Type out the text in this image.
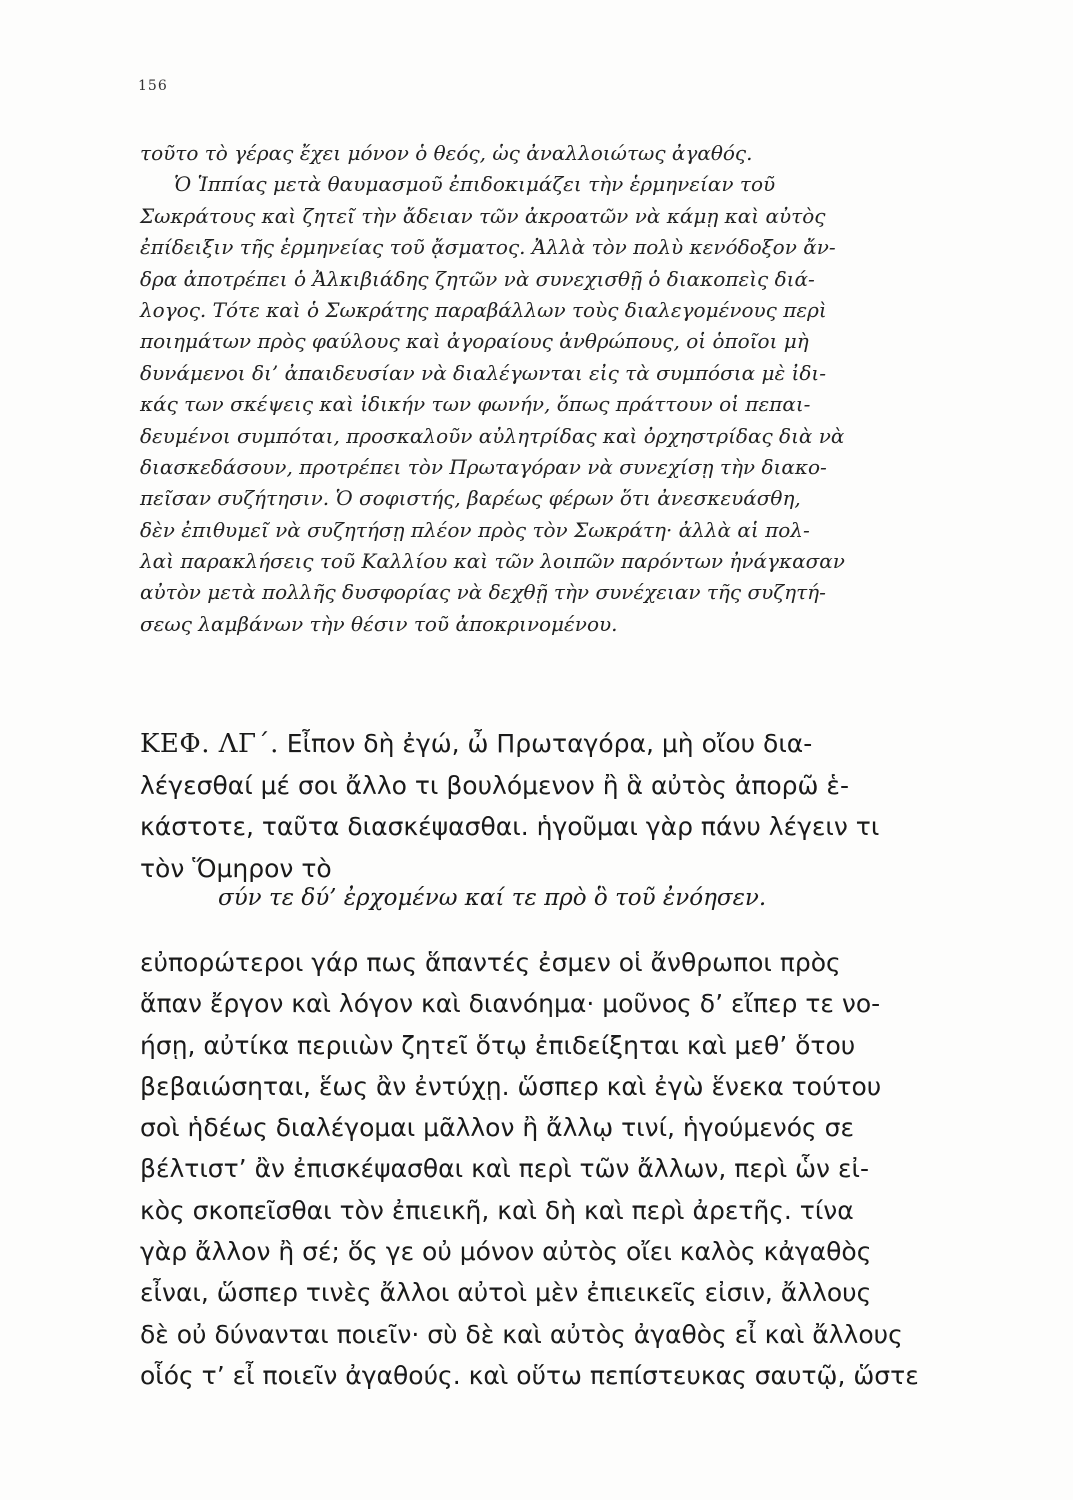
156
τοῦτο τὸ γέρας ἔχει μόνον ὁ θεός, ὡς ἀναλλοιώτως ἀγαθός.
Ὁ Ἱππίας μετὰ θαυμασμοῦ ἐπιδοκιμάζει τὴν ἑρμηνείαν τοῦ
Σωκράτους καὶ ζητεῖ τὴν ἄδειαν τῶν ἀκροατῶν νὰ κάμῃ καὶ αὐτὸς
ἐπίδειξιν τῆς ἑρμηνείας τοῦ ᾄσματος. Ἀλλὰ τὸν πολὺ κενόδοξον ἄν-
δρα ἀποτρέπει ὁ Ἀλκιβιάδης ζητῶν νὰ συνεχισθῇ ὁ διακοπεὶς διά-
λογος. Τότε καὶ ὁ Σωκράτης παραβάλλων τοὺς διαλεγομένους περὶ
ποιημάτων πρὸς φαύλους καὶ ἀγοραίους ἀνθρώπους, οἱ ὁποῖοι μὴ
δυνάμενοι δι’ ἀπαιδευσίαν νὰ διαλέγωνται εἰς τὰ συμπόσια μὲ ἰδι-
κάς των σκέψεις καὶ ἰδικήν των φωνήν, ὅπως πράττουν οἱ πεπαι-
δευμένοι συμπόται, προσκαλοῦν αὐλητρίδας καὶ ὀρχηστρίδας διὰ νὰ
διασκεδάσουν, προτρέπει τὸν Πρωταγόραν νὰ συνεχίσῃ τὴν διακο-
πεῖσαν συζήτησιν. Ὁ σοφιστής, βαρέως φέρων ὅτι ἀνεσκευάσθη,
δὲν ἐπιθυμεῖ νὰ συζητήσῃ πλέον πρὸς τὸν Σωκράτη· ἀλλὰ αἱ πολ-
λαὶ παρακλήσεις τοῦ Καλλίου καὶ τῶν λοιπῶν παρόντων ἠνάγκασαν
αὐτὸν μετὰ πολλῆς δυσφορίας νὰ δεχθῇ τὴν συνέχειαν τῆς συζητή-
σεως λαμβάνων τὴν θέσιν τοῦ ἀποκρινομένου.
ΚΕΦ. ΛΓ΄. Εἶπον δὴ ἐγώ, ὦ Πρωταγόρα, μὴ οἴου δια-
λέγεσθαί μέ σοι ἄλλο τι βουλόμενον ἢ ἃ αὐτὸς ἀπορῶ ἑ-
κάστοτε, ταῦτα διασκέψασθαι. ἡγοῦμαι γὰρ πάνυ λέγειν τι
τὸν Ὅμηρον τὸ
σύν τε δύ’ ἐρχομένω καί τε πρὸ ὃ τοῦ ἐνόησεν.
εὐπορώτεροι γάρ πως ἅπαντές ἐσμεν οἱ ἄνθρωποι πρὸς
ἅπαν ἔργον καὶ λόγον καὶ διανόημα· μοῦνος δ’ εἴπερ τε νο-
ήσῃ, αὐτίκα περιιὼν ζητεῖ ὅτῳ ἐπιδείξηται καὶ μεθ’ ὅτου
βεβαιώσηται, ἕως ἂν ἐντύχῃ. ὥσπερ καὶ ἐγὼ ἕνεκα τούτου
σοὶ ἡδέως διαλέγομαι μᾶλλον ἢ ἄλλῳ τινί, ἡγούμενός σε
βέλτιστ’ ἂν ἐπισκέψασθαι καὶ περὶ τῶν ἄλλων, περὶ ὧν εἰ-
κὸς σκοπεῖσθαι τὸν ἐπιεικῆ, καὶ δὴ καὶ περὶ ἀρετῆς. τίνα
γὰρ ἄλλον ἢ σέ; ὅς γε οὐ μόνον αὐτὸς οἴει καλὸς κἀγαθὸς
εἶναι, ὥσπερ τινὲς ἄλλοι αὐτοὶ μὲν ἐπιεικεῖς εἰσιν, ἄλλους
δὲ οὐ δύνανται ποιεῖν· σὺ δὲ καὶ αὐτὸς ἀγαθὸς εἶ καὶ ἄλλους
οἷός τ’ εἶ ποιεῖν ἀγαθούς. καὶ οὕτω πεπίστευκας σαυτῷ, ὥστε
